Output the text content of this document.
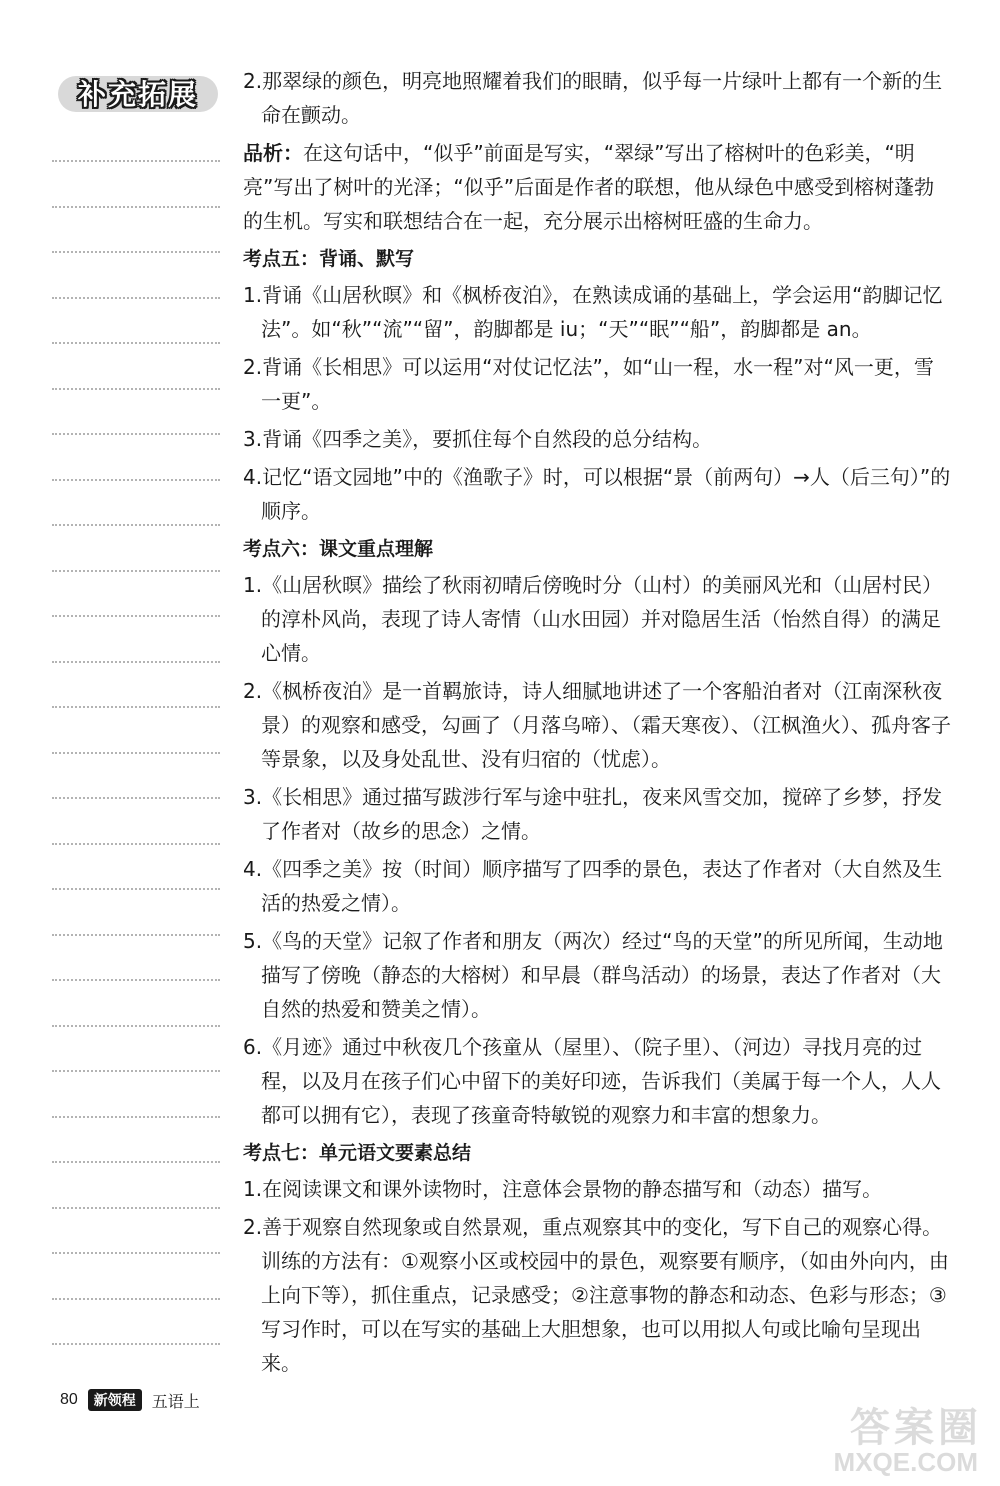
补充拓展	2.那翠绿的颜色，明亮地照耀着我们的眼睛，似乎每一片绿叶上都有一个新的生命在颤动。

品析：在这句话中，“似乎”前面是写实，“翠绿”写出了榕树叶的色彩美，“明亮”写出了树叶的光泽；“似乎”后面是作者的联想，他从绿色中感受到榕树蓬勃的生机。写实和联想结合在一起，充分展示出榕树旺盛的生命力。

考点五：背诵、默写

1.背诵《山居秋暝》和《枫桥夜泊》，在熟读成诵的基础上，学会运用“韵脚记忆法”。如“秋”“流”“留”，韵脚都是 iu；“天”“眠”“船”，韵脚都是 an。

2.背诵《长相思》可以运用“对仗记忆法”，如“山一程，水一程”对“风一更，雪一更”。

3.背诵《四季之美》，要抓住每个自然段的总分结构。

4.记忆“语文园地”中的《渔歌子》时，可以根据“景（前两句）→人（后三句）”的顺序。

考点六：课文重点理解

1.《山居秋暝》描绘了秋雨初晴后傍晚时分（山村）的美丽风光和（山居村民）的淳朴风尚，表现了诗人寄情（山水田园）并对隐居生活（怡然自得）的满足心情。

2.《枫桥夜泊》是一首羁旅诗，诗人细腻地讲述了一个客船泊者对（江南深秋夜景）的观察和感受，勾画了（月落乌啼）、（霜天寒夜）、（江枫渔火）、孤舟客子等景象，以及身处乱世、没有归宿的（忧虑）。

3.《长相思》通过描写跋涉行军与途中驻扎，夜来风雪交加，搅碎了乡梦，抒发了作者对（故乡的思念）之情。

4.《四季之美》按（时间）顺序描写了四季的景色，表达了作者对（大自然及生活的热爱之情）。

5.《鸟的天堂》记叙了作者和朋友（两次）经过“鸟的天堂”的所见所闻，生动地描写了傍晚（静态的大榕树）和早晨（群鸟活动）的场景，表达了作者对（大自然的热爱和赞美之情）。

6.《月迹》通过中秋夜几个孩童从（屋里）、（院子里）、（河边）寻找月亮的过程，以及月在孩子们心中留下的美好印迹，告诉我们（美属于每一个人，人人都可以拥有它），表现了孩童奇特敏锐的观察力和丰富的想象力。

考点七：单元语文要素总结

1.在阅读课文和课外读物时，注意体会景物的静态描写和（动态）描写。

2.善于观察自然现象或自然景观，重点观察其中的变化，写下自己的观察心得。训练的方法有：①观察小区或校园中的景色，观察要有顺序，（如由外向内，由上向下等），抓住重点，记录感受；②注意事物的静态和动态、色彩与形态；③写习作时，可以在写实的基础上大胆想象，也可以用拟人句或比喻句呈现出来。

80	新领程	五语上
答案圈
MXQE.COM
